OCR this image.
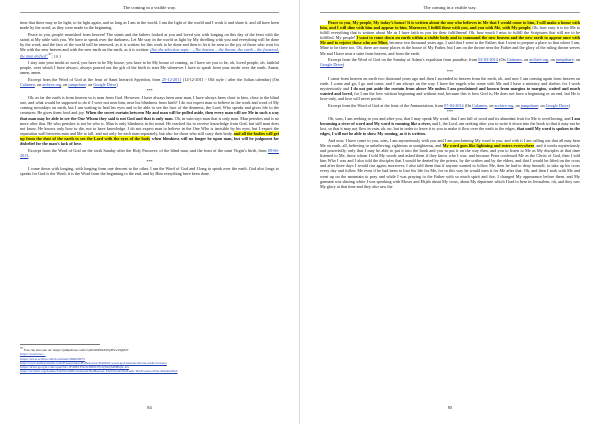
The coming in a visible way.

time that there may to be light, to be light again, and as long as I am in the world, I am the light of the world and I work it and share it, and all have been made by the word, as they were made in the beginning.

Peace to you, people nourished from heaven! The saints and the fathers looked at you and loved you with longing on this day of the feast with the saints at My table with you. We have to speak over the darkness. Let Me stay in the world as light by My dwelling with you and everything will be done by the word, and the face of the world will be renewed, as it is written for this work to be done and then to let it be seen to the joy of those who wait for Me with the new heaven and with the new earth on the earth, as it is written. (See the selection topic : „The heaven – the throne, the earth – the footstool, the man deified”$^{37}$; r.n.)

I stay into your midst as word, you have to be My house, you have to be My house of coming, as I have set you to be, oh, loved people, oh, faithful people, over which I have always, always poured out the gift of the birth to start Me whenever I have to speak from your midst over the earth. Amen, amen, amen.

Excerpt from the Word of God at the feast of Saint hierarch Spyridon, from 25-12-2011 (12-12-2011 - Old style / after the Julian calendar) (On Calameo, on archive.org, on jumpshare; on Google Drive)

***

Oh, as far the earth is from heaven so is man from God. However, I have always been near man, I have always been close to him, close to the blind one, and what would be supposed to do if I were not near him, near his blindness from birth? I do not expect man to believe in the work and word of My coming nowadays on earth, but I am waiting to heal his eyes and to be able to see the face of the dearness, the Lord, Who speaks and gives life to the creatures: He gives them food and joy. When the secret curtain between Me and man will be pulled aside, then every man will see Me in such a way that man may be able to see the One Whom they said is not God and that is only man. Oh, in vain says man that is only man. Man perishes and is no more after that. He who perishes is not he who is. Man is only blindness in his mind. He reached his to receive knowledge from God, but still man does not know. He knows only how to die, not to have knowledge. I do not expect man to believe in the One Who is invisible by his eyes, but I expect the separation wall between man and Me to fall, and not only for each man separately, but also for those who still carry their body, and all the bodies will get up from the dust of the earth to see the Lord with the eyes of the body when blindness will no longer be upon man, but will be judgment for disbelief for the man’s lack of love.

Excerpt from the Word of God on the sixth Sunday after the Holy Passover, of the blind man, and the feast of the saint Virgin’s birth, from 09-06-2013.

***

I come down with longing, with longing from one descent to the other. I am the Word of God and I long to speak over the earth. God also longs to speaks for God is the Word; it is the Word from the beginning to the end, and by Him everything have been done.

$^{37}$ You can also see on: https://jumpshare.com/v/qOOiriPbhXWpHvwZQhD7
https://youtu.be/...
https://www.scribd.com/document/396620975
http://www.authorstream.com/Presentation/ByBeloved-3549916-word-god-heaven-throne-earth-footstoo
https://drive.google.com/open?id=1F49EeT5feXJ0BJCFjOgIvhgMhHhjR-4N
https://archive.org/details/TheWordOfGodAboutTheHeaven-TheThroneTheEarth-TheFootstoolThe-ManDeified
84
The coming in a visible way.

Peace to you, My people, My today’s house! It is written about the one who believes in Me that I would come to him, I will make a house with him, and I will dine with him and appear to him. Moreover, I fulfill these with you, and you with Me, with My people. Oh, how easy it is for Me to fulfill everything that is written about Me as I have faith in you for their fulfillment! Oh, how much I miss to fulfill the Scriptures that still are to be fulfilled, My people! I want to come down on earth within a visible body and to command the new heaven and the new earth to appear once with Me and to rejoice those who are Mine, because two thousand years ago, I said that I went to the Father; that I went to prepare a place so that where I am, Mine to be there too. Oh, there are many places in the house of My Father, but I am on the throne near the Father and the glory of the ruling throne serves Me and I have near a suite from heaven, and from the earth.

Excerpt from the Word of God on the Sunday of Adam’s expulsion from paradise, from 02-03-2014 (On Calameo, on archive.org, on jumpshare; on Google Drive)

***

I came from heaven on earth two thousand years ago and then I ascended in heaven from the earth, oh, and now I am coming again from heaven on earth. I come and go, I go and come, and I am always on the way. I have the angels who come with Me and I have a ministry and shelter, for I work mysteriously and I do not put aside the curtain from above Me unless I am proclaimed and known from margins to margins, waited and much wanted and loved, for I am the love without beginning and without end, because this is how God is; He does not have a beginning or an end, but He is love-only, and love will never perish.

Excerpt from the Word of God at the feast of the Annunciation, from 07-04-2014 (On Calameo, on archive.org, on jumpshare; on Google Drive)

***

Oh, sons, I am seeking to you and after you, that I may speak My word, that I am full of word and its abundant fruit for Me is overflowing, and I am becoming a river of word and My word is running like a river, and I, the Lord, am seeking after you to write it down into the book so that it may not be lost, so that it may not flow in vain, oh, no, but in order to leave it to you to make it flow over the earth to the edges, that until My word is spoken to the edges, I will not be able to show My coming, as it is written.

And now, I have come to you, sons, I am mysteriously with you and I am proclaiming My word to you, and with it I am calling out that all may hear Me on earth, all, believing or unbelieving, righteous or unrighteous, and My word goes like lightning and enters everywhere, and it works mysteriously and powerfully, only that I may be able to put it into the book and you to put it on the way then, and you to listen to Me as My disciples at that time listened to Me, those whom I told My words and asked them if they know who I was, and because Peter confessed Me as the Christ of God, then I told him Who I was and I also told the disciples that I would be denied by the priests, by the scribes and by the elders, and that I would be lifted on the cross and after three days I would rise again; moreover, I also told them that if anyone wanted to follow Me, then he had to deny himself, to take up his cross every day and follow Me even if he had been to lose his life for Me, for in this way he would earn it for Me after that. Oh, and then I took with Me and went up on the mountain to pray and while I was praying to the Father with so much spirit and fire, I changed My appearance before them, and My garment was shining white I was speaking with Moses and Elijah about My cross, about My departure which I had to bear in Jerusalem, oh, and they saw My glory at that time and they also saw the

85
